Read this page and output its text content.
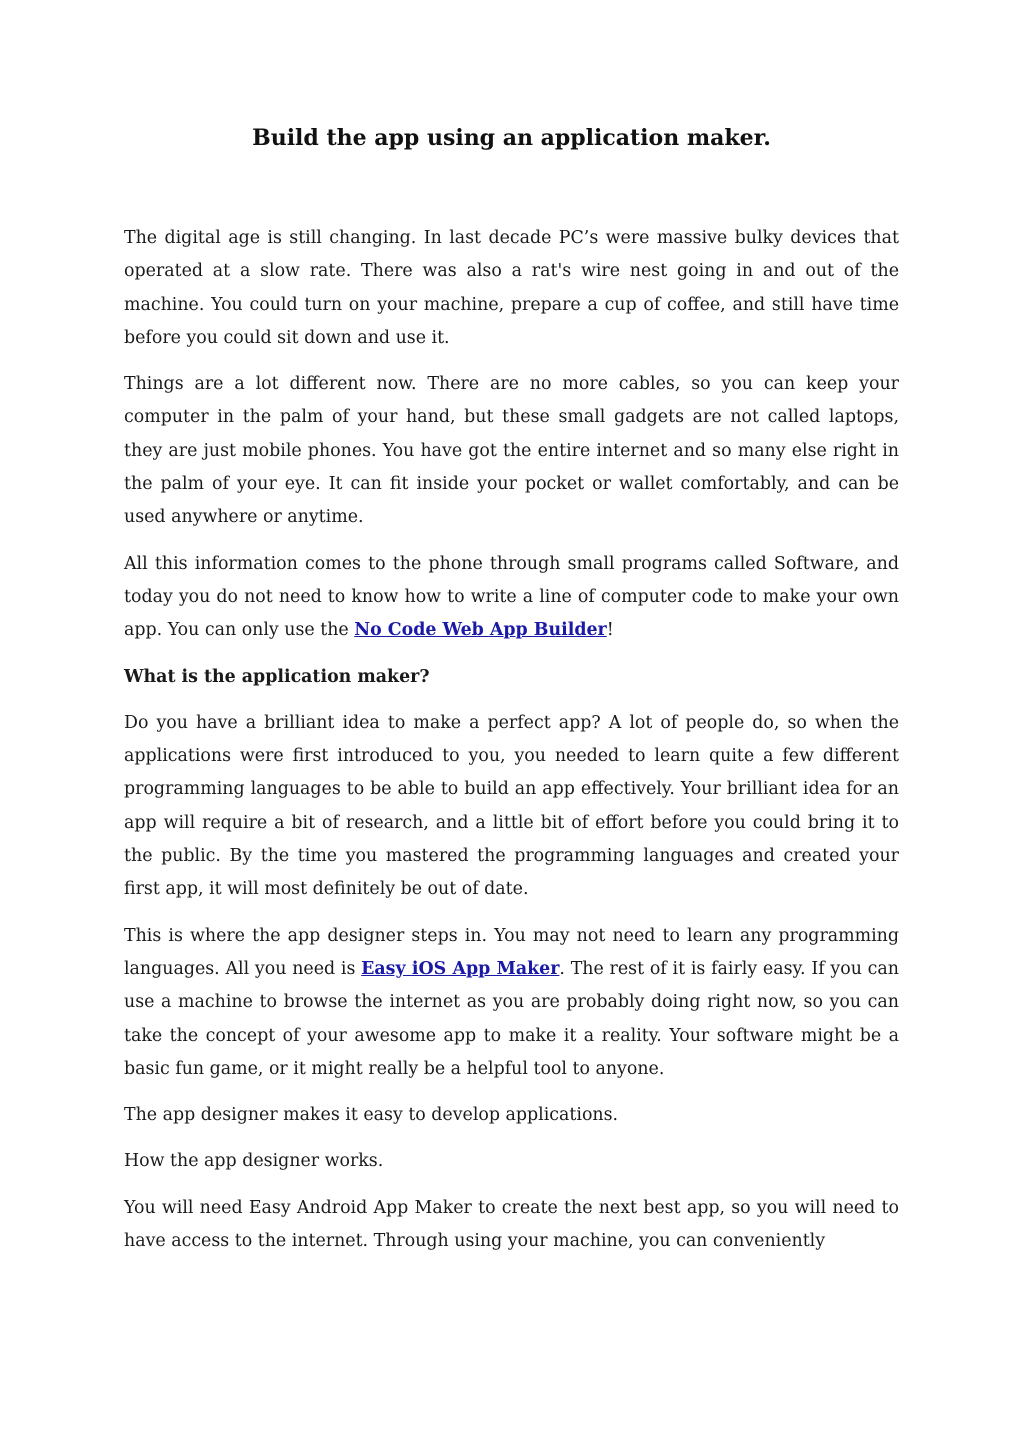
Build the app using an application maker.

The digital age is still changing. In last decade PC’s were massive bulky devices that operated at a slow rate. There was also a rat's wire nest going in and out of the machine. You could turn on your machine, prepare a cup of coffee, and still have time before you could sit down and use it.

Things are a lot different now. There are no more cables, so you can keep your computer in the palm of your hand, but these small gadgets are not called laptops, they are just mobile phones. You have got the entire internet and so many else right in the palm of your eye. It can fit inside your pocket or wallet comfortably, and can be used anywhere or anytime.

All this information comes to the phone through small programs called Software, and today you do not need to know how to write a line of computer code to make your own app. You can only use the No Code Web App Builder!

What is the application maker?

Do you have a brilliant idea to make a perfect app? A lot of people do, so when the applications were first introduced to you, you needed to learn quite a few different programming languages to be able to build an app effectively. Your brilliant idea for an app will require a bit of research, and a little bit of effort before you could bring it to the public. By the time you mastered the programming languages and created your first app, it will most definitely be out of date.

This is where the app designer steps in. You may not need to learn any programming languages. All you need is Easy iOS App Maker. The rest of it is fairly easy. If you can use a machine to browse the internet as you are probably doing right now, so you can take the concept of your awesome app to make it a reality. Your software might be a basic fun game, or it might really be a helpful tool to anyone.

The app designer makes it easy to develop applications.

How the app designer works.

You will need Easy Android App Maker to create the next best app, so you will need to have access to the internet. Through using your machine, you can conveniently
